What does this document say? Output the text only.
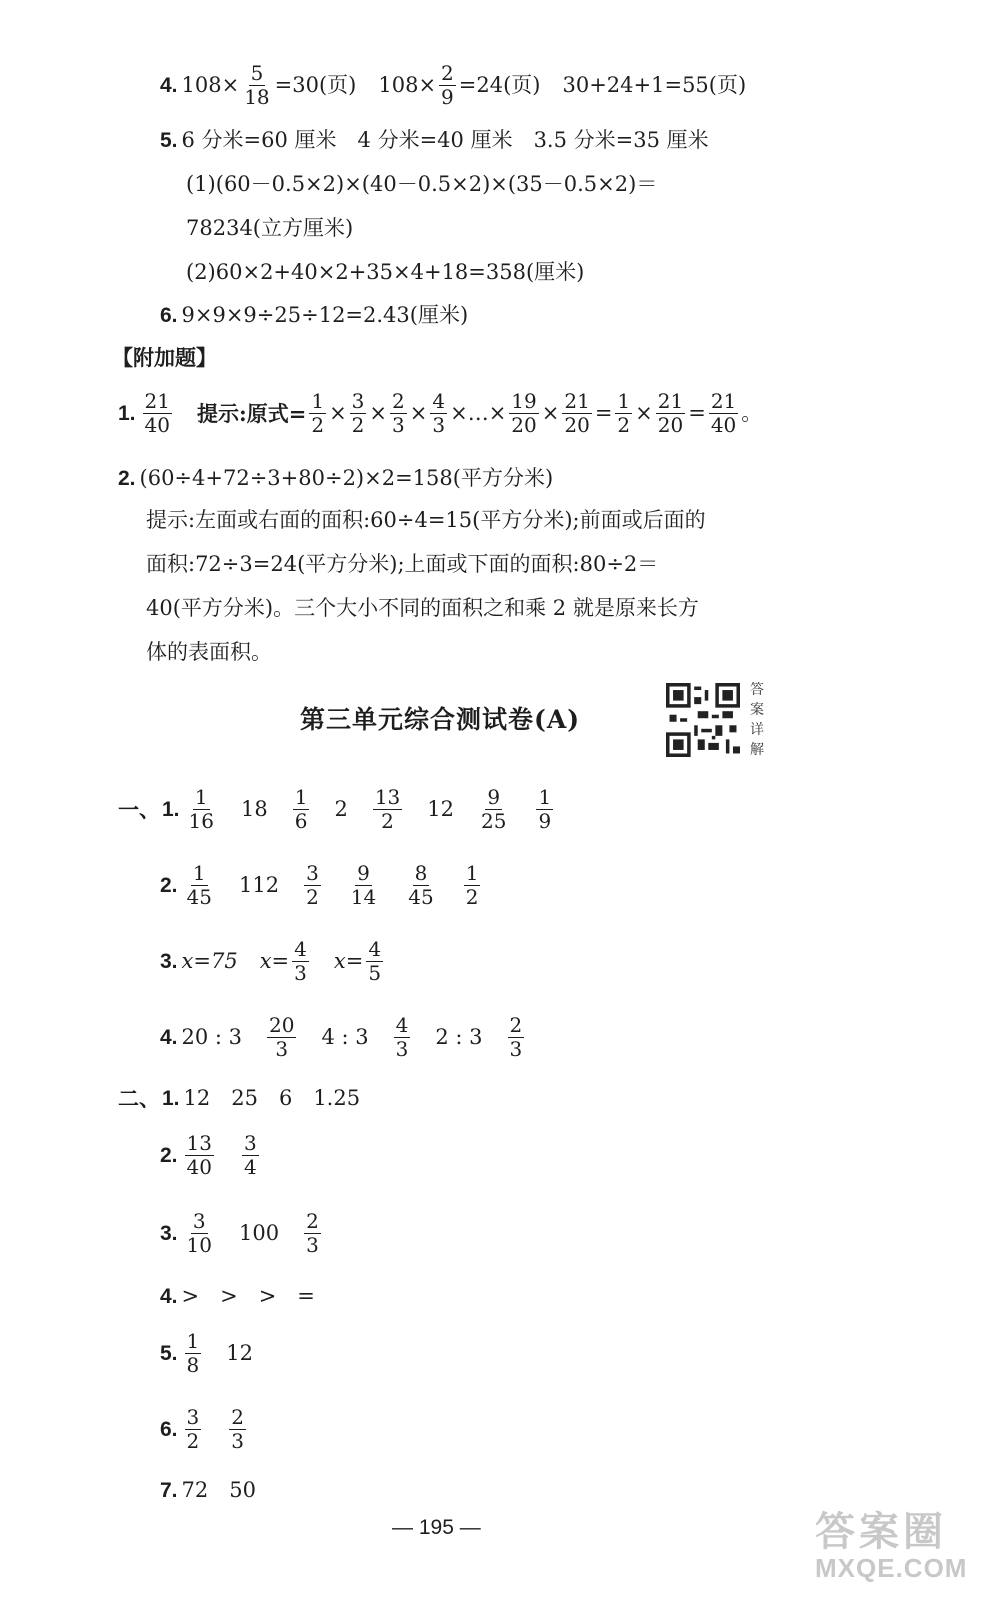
4. $108\times \frac{5}{18} =30$(页) $108\times \frac{2}{9} =24$(页) 30+24+1=55(页)
5. 6 分米=60 厘米　4 分米=40 厘米　3.5 分米=35 厘米
(1)(60－0.5×2)×(40－0.5×2)×(35－0.5×2)＝
78234(立方厘米)
(2)60×2+40×2+35×4+18=358(厘米)
6. 9×9×9÷25÷12=2.43(厘米)
【附加题】
1. $\frac{21}{40}$ 提示:原式= $\frac{1}{2} \times \frac{3}{2} \times \frac{2}{3} \times \frac{4}{3}$ ×…× $\frac{19}{20} \times \frac{21}{20} = \frac{1}{2} \times \frac{21}{20} = \frac{21}{40}$ 。
2. (60÷4+72÷3+80÷2)×2=158(平方分米)
提示:左面或右面的面积:60÷4=15(平方分米);前面或后面的
面积:72÷3=24(平方分米);上面或下面的面积:80÷2＝
40(平方分米)。三个大小不同的面积之和乘 2 就是原来长方
体的表面积。
第三单元综合测试卷(A)
答案详解
一、 1. $\frac{1}{16} 18 \frac{1}{6} 2 \frac{13}{2} 12 \frac{9}{25} \frac{1}{9}$
2. $\frac{1}{45} 112 \frac{3}{2} \frac{9}{14} \frac{8}{45} \frac{1}{2}$
3. x=75 $x= \frac{4}{3} x= \frac{4}{5}$
4. 20 : $3 \frac{20}{3} 4$ : $3 \frac{4}{3} 2$ : $3 \frac{2}{3}$
二、 1. 12　25　6　1.25
2. $\frac{13}{40} \frac{3}{4}$
3. $\frac{3}{10} 100 \frac{2}{3}$
4. >　>　>　=
5. $\frac{1}{8} 12$
6. $\frac{3}{2} \frac{2}{3}$
7. 72　50
— 195 —	答案圈
MXQE.COM
